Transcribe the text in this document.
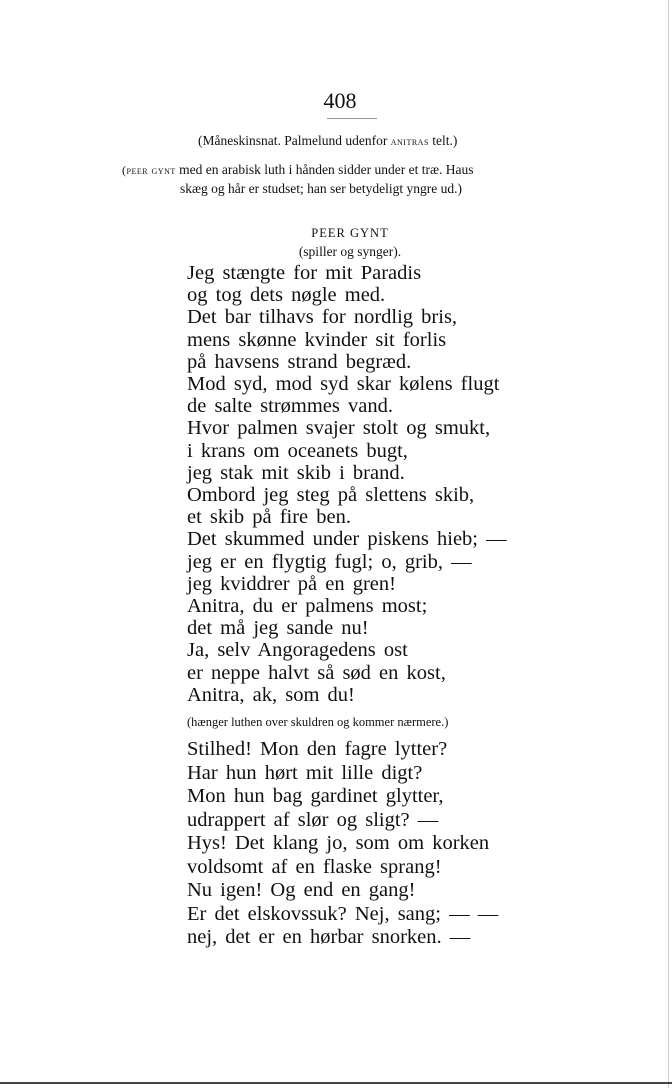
408
(Måneskinsnat. Palmelund udenfor anitras telt.)
(peer gynt med en arabisk luth i hånden sidder under et træ. Haus
skæg og hår er studset; han ser betydeligt yngre ud.)
PEER GYNT
(spiller og synger).
Jeg stængte for mit Paradis
og tog dets nøgle med.
Det bar tilhavs for nordlig bris,
mens skønne kvinder sit forlis
på havsens strand begræd.
Mod syd, mod syd skar kølens flugt
de salte strømmes vand.
Hvor palmen svajer stolt og smukt,
i krans om oceanets bugt,
jeg stak mit skib i brand.
Ombord jeg steg på slettens skib,
et skib på fire ben.
Det skummed under piskens hieb; —
jeg er en flygtig fugl; o, grib, —
jeg kviddrer på en gren!
Anitra, du er palmens most;
det må jeg sande nu!
Ja, selv Angoragedens ost
er neppe halvt så sød en kost,
Anitra, ak, som du!
(hænger luthen over skuldren og kommer nærmere.)
Stilhed! Mon den fagre lytter?
Har hun hørt mit lille digt?
Mon hun bag gardinet glytter,
udrappert af slør og sligt? —
Hys! Det klang jo, som om korken
voldsomt af en flaske sprang!
Nu igen! Og end en gang!
Er det elskovssuk? Nej, sang; — —
nej, det er en hørbar snorken. —
